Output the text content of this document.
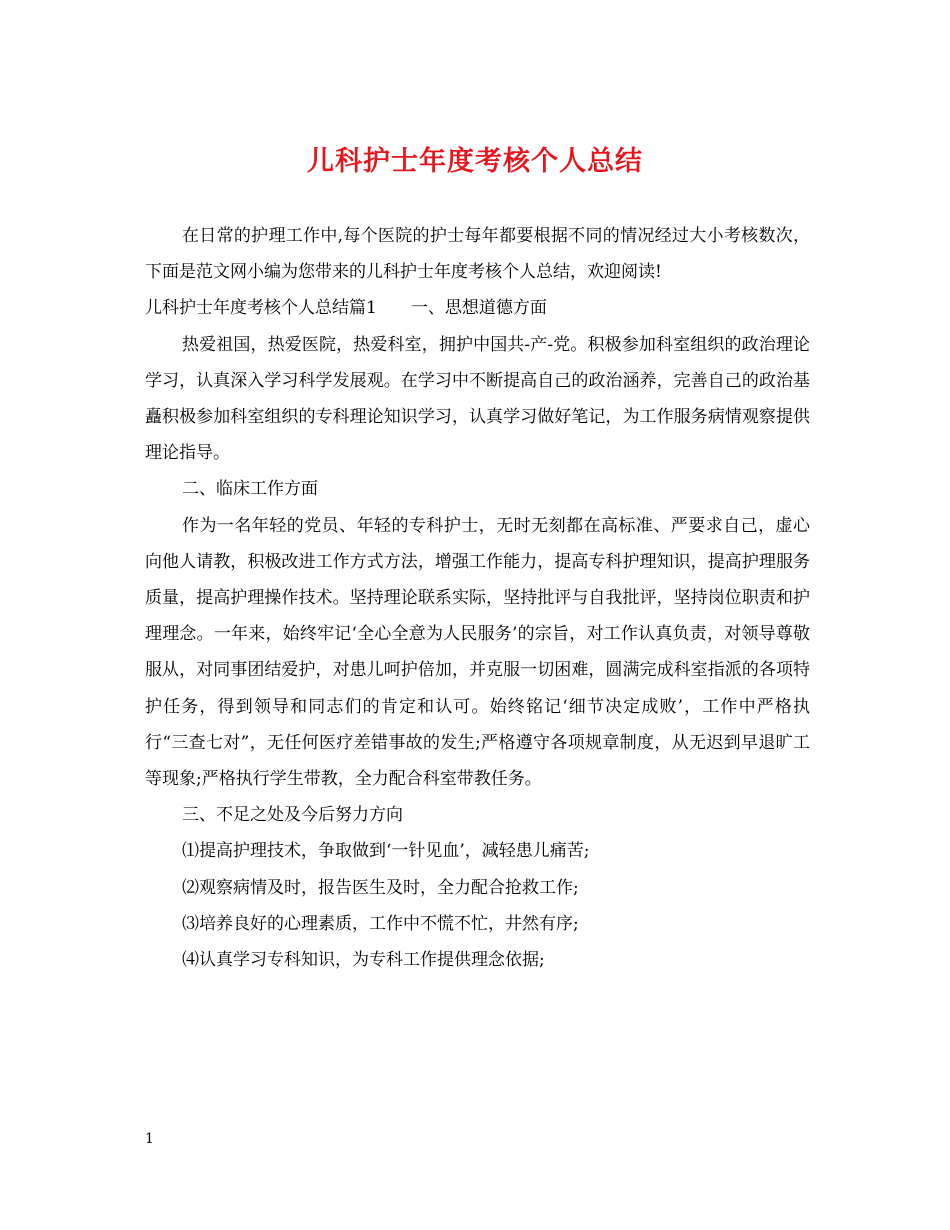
儿科护士年度考核个人总结

在日常的护理工作中,每个医院的护士每年都要根据不同的情况经过大小考核数次，下面是范文网小编为您带来的儿科护士年度考核个人总结，欢迎阅读!

儿科护士年度考核个人总结篇1　　一、思想道德方面

热爱祖国，热爱医院，热爱科室，拥护中国共-产-党。积极参加科室组织的政治理论学习，认真深入学习科学发展观。在学习中不断提高自己的政治涵养，完善自己的政治基矗积极参加科室组织的专科理论知识学习，认真学习做好笔记，为工作服务病情观察提供理论指导。

二、临床工作方面

作为一名年轻的党员、年轻的专科护士，无时无刻都在高标准、严要求自己，虚心向他人请教，积极改进工作方式方法，增强工作能力，提高专科护理知识，提高护理服务质量，提高护理操作技术。坚持理论联系实际，坚持批评与自我批评，坚持岗位职责和护理理念。一年来，始终牢记‘全心全意为人民服务’的宗旨，对工作认真负责，对领导尊敬服从，对同事团结爱护，对患儿呵护倍加，并克服一切困难，圆满完成科室指派的各项特护任务，得到领导和同志们的肯定和认可。始终铭记‘细节决定成败’，工作中严格执行“三查七对”，无任何医疗差错事故的发生;严格遵守各项规章制度，从无迟到早退旷工等现象;严格执行学生带教，全力配合科室带教任务。

三、不足之处及今后努力方向

⑴提高护理技术，争取做到‘一针见血’，减轻患儿痛苦;

⑵观察病情及时，报告医生及时，全力配合抢救工作;

⑶培养良好的心理素质，工作中不慌不忙，井然有序;

⑷认真学习专科知识，为专科工作提供理念依据;

1
